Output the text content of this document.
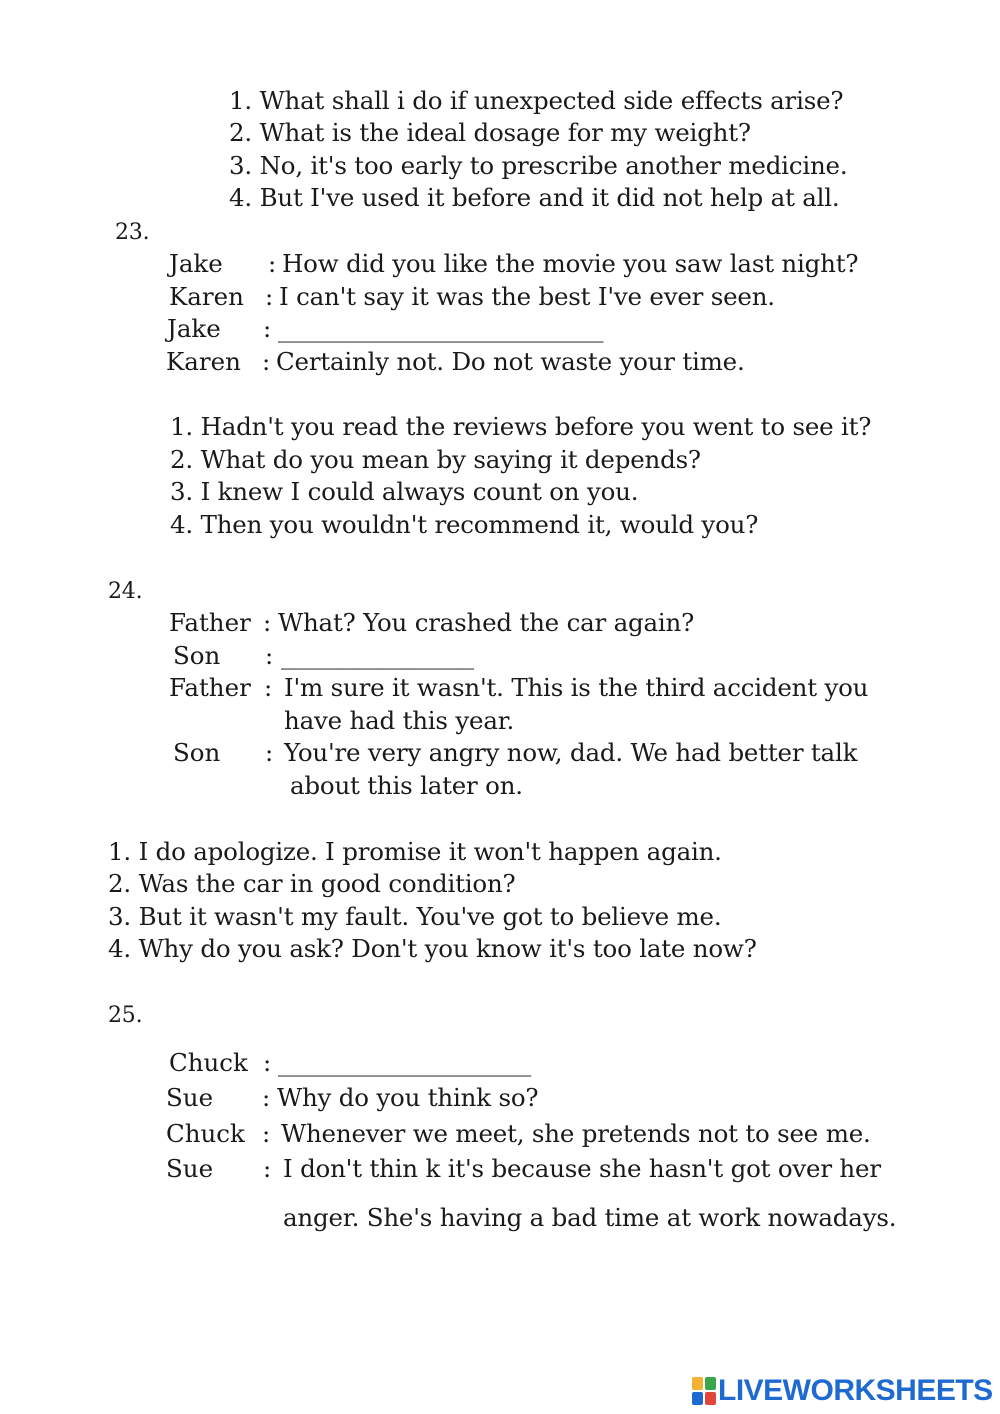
1. What shall i do if unexpected side effects arise?
2. What is the ideal dosage for my weight?
3. No, it's too early to prescribe another medicine.
4. But I've used it before and it did not help at all.
23.
Jake : How did you like the movie you saw last night?
Karen : I can't say it was the best I've ever seen.
Jake : ___________________________
Karen : Certainly not. Do not waste your time.
1. Hadn't you read the reviews before you went to see it?
2. What do you mean by saying it depends?
3. I knew I could always count on you.
4. Then you wouldn't recommend it, would you?
24.
Father : What? You crashed the car again?
Son : ________________
Father : I'm sure it wasn't. This is the third accident you
have had this year.
Son : You're very angry now, dad. We had better talk
about this later on.
1. I do apologize. I promise it won't happen again.
2. Was the car in good condition?
3. But it wasn't my fault. You've got to believe me.
4. Why do you ask? Don't you know it's too late now?
25.
Chuck : _____________________
Sue : Why do you think so?
Chuck : Whenever we meet, she pretends not to see me.
Sue : I don't thin k it's because she hasn't got over her
anger. She's having a bad time at work nowadays.
LIVEWORKSHEETS
